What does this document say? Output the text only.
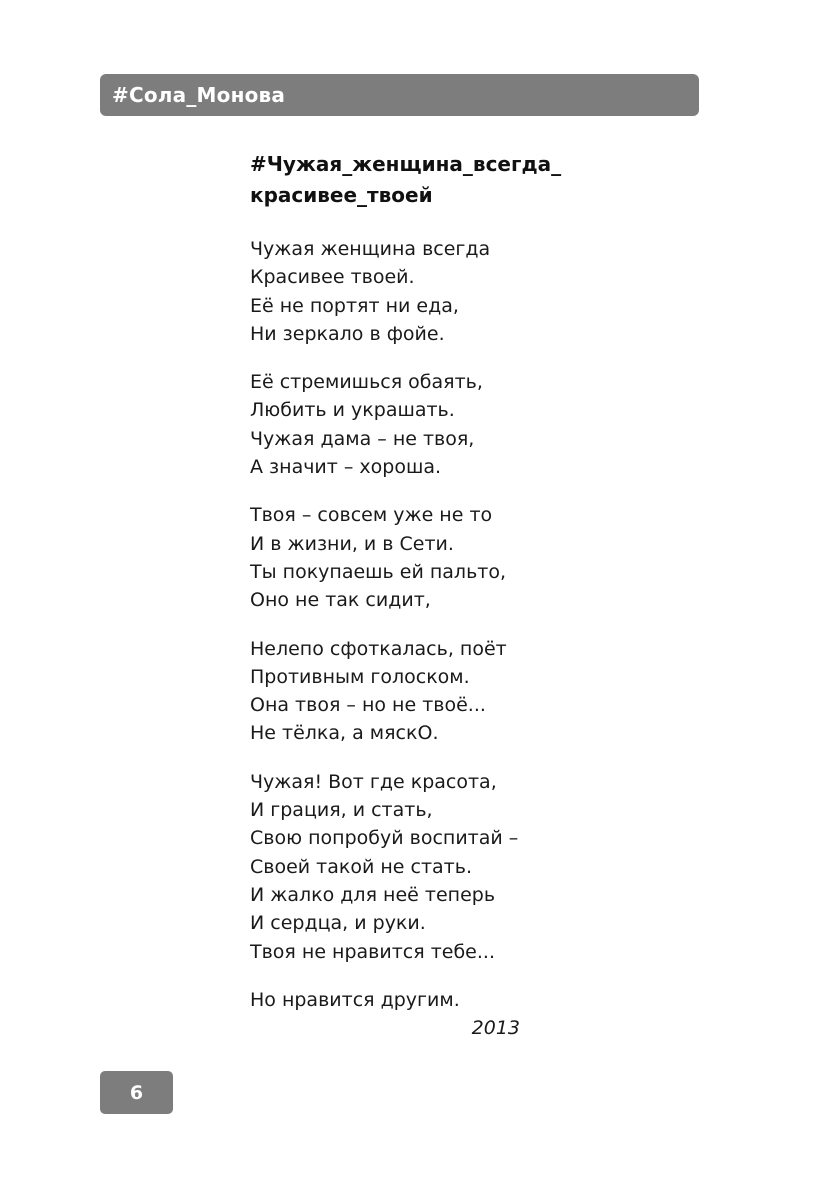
#Сола_Монова
#Чужая_женщина_всегда_
красивее_твоей
Чужая женщина всегда
Красивее твоей.
Её не портят ни еда,
Ни зеркало в фойе.
Её стремишься обаять,
Любить и украшать.
Чужая дама – не твоя,
А значит – хороша.
Твоя – совсем уже не то
И в жизни, и в Сети.
Ты покупаешь ей пальто,
Оно не так сидит,
Нелепо сфоткалась, поёт
Противным голоском.
Она твоя – но не твоё...
Не тёлка, а мяскО.
Чужая! Вот где красота,
И грация, и стать,
Свою попробуй воспитай –
Своей такой не стать.
И жалко для неё теперь
И сердца, и руки.
Твоя не нравится тебе...
Но нравится другим.
2013
6
